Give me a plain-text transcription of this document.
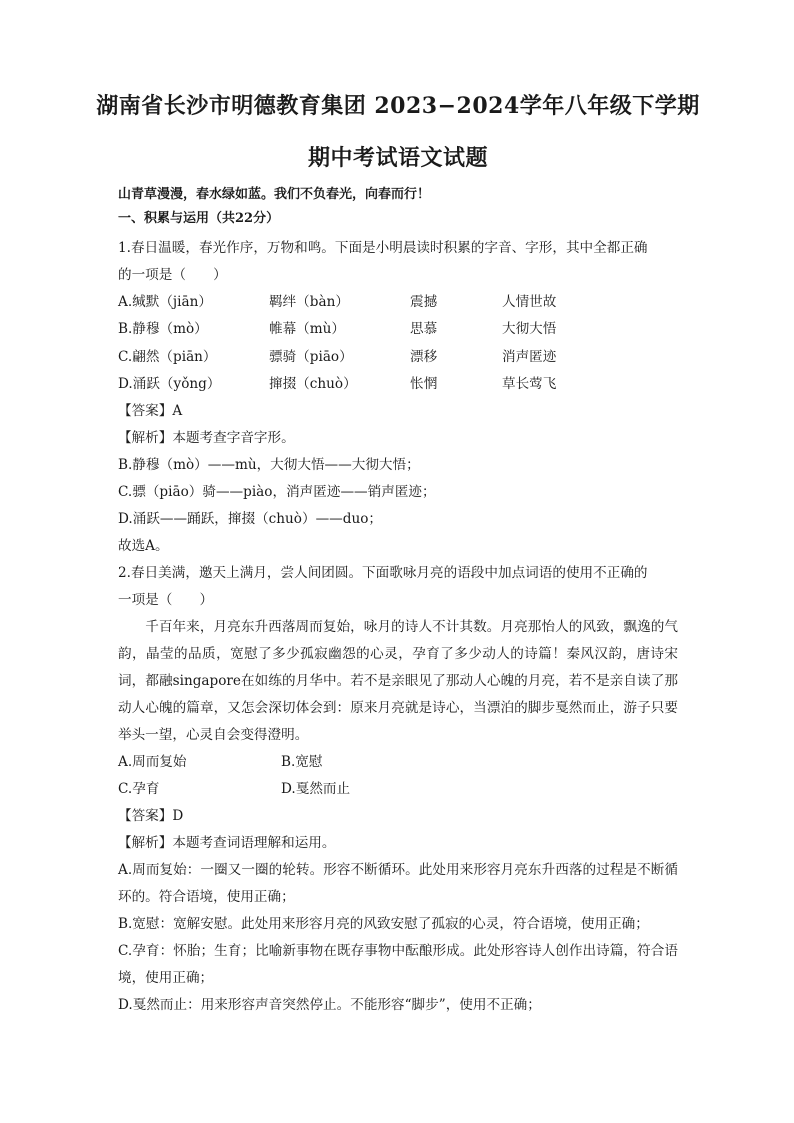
湖南省长沙市明德教育集团 2023−2024学年八年级下学期
期中考试语文试题
山青草漫漫，春水绿如蓝。我们不负春光，向春而行！
一、积累与运用（共22分）
1.春日温暖，春光作序，万物和鸣。下面是小明晨读时积累的字音、字形，其中全都正确
的一项是（　　）
A.缄默（jiān）	羁绊（bàn）	震撼	人情世故
B.静穆（mò）	帷幕（mù）	思慕	大彻大悟
C.翩然（piān）	骠骑（piāo）	漂移	消声匿迹
D.涌跃（yǒng）	撺掇（chuò）	怅惘	草长莺飞
【答案】A
【解析】本题考查字音字形。
B.静穆（mò）——mù，大彻大悟——大彻大悟；
C.骠（piāo）骑——piào，消声匿迹——销声匿迹；
D.涌跃——踊跃，撺掇（chuò）——duo；
故选A。
2.春日美满，邀天上满月，尝人间团圆。下面歌咏月亮的语段中加点词语的使用不正确的
一项是（　　）
千百年来，月亮东升西落周而复始，咏月的诗人不计其数。月亮那怡人的风致，飘逸的气韵，晶莹的品质，宽慰了多少孤寂幽怨的心灵，孕育了多少动人的诗篇！秦风汉韵，唐诗宋词，都融singapore在如练的月华中。若不是亲眼见了那动人心魄的月亮，若不是亲自读了那动人心魄的篇章，又怎会深切体会到：原来月亮就是诗心，当漂泊的脚步戛然而止，游子只要举头一望，心灵自会变得澄明。
A.周而复始	B.宽慰
C.孕育	D.戛然而止
【答案】D
【解析】本题考查词语理解和运用。
A.周而复始：一圈又一圈的轮转。形容不断循环。此处用来形容月亮东升西落的过程是不断循环的。符合语境，使用正确；
B.宽慰：宽解安慰。此处用来形容月亮的风致安慰了孤寂的心灵，符合语境，使用正确；
C.孕育：怀胎；生育；比喻新事物在既存事物中酝酿形成。此处形容诗人创作出诗篇，符合语境，使用正确；
D.戛然而止：用来形容声音突然停止。不能形容“脚步”，使用不正确；
